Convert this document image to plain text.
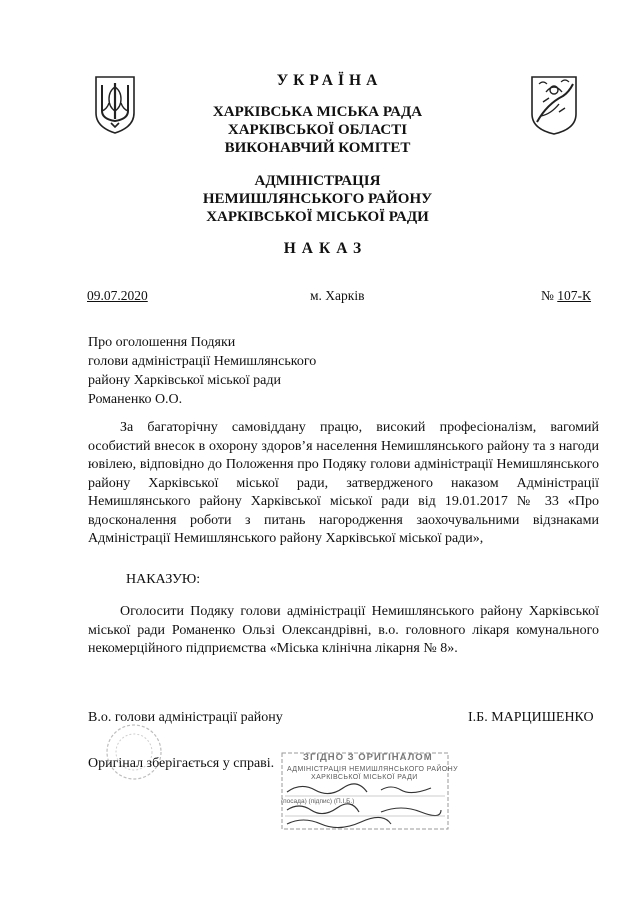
УКРАЇНА
ХАРКІВСЬКА МІСЬКА РАДА
ХАРКІВСЬКОЇ ОБЛАСТІ
ВИКОНАВЧИЙ КОМІТЕТ
АДМІНІСТРАЦІЯ
НЕМИШЛЯНСЬКОГО РАЙОНУ
ХАРКІВСЬКОЇ МІСЬКОЇ РАДИ
НАКАЗ
09.07.2020	м. Харків	№ 107-К
Про оголошення Подяки
голови адміністрації Немишлянського
району Харківської міської ради
Романенко О.О.
За багаторічну самовіддану працю, високий професіоналізм, вагомий особистий внесок в охорону здоров’я населення Немишлянського району та з нагоди ювілею, відповідно до Положення про Подяку голови адміністрації Немишлянського району Харківської міської ради, затвердженого наказом Адміністрації Немишлянського району Харківської міської ради від 19.01.2017 № 33 «Про вдосконалення роботи з питань нагородження заохочувальними відзнаками Адміністрації Немишлянського району Харківської міської ради»,
НАКАЗУЮ:
Оголосити Подяку голови адміністрації Немишлянського району Харківської міської ради Романенко Ользі Олександрівні, в.о. головного лікаря комунального некомерційного підприємства «Міська клінічна лікарня № 8».
В.о. голови адміністрації району	І.Б. МАРЦИШЕНКО
Оригінал зберігається у справі.	ЗГІДНО З ОРИГІНАЛОМ
АДМІНІСТРАЦІЯ НЕМИШЛЯНСЬКОГО РАЙОНУ
ХАРКІВСЬКОЇ МІСЬКОЇ РАДИ
(посада) (підпис) (П.І.Б.)
